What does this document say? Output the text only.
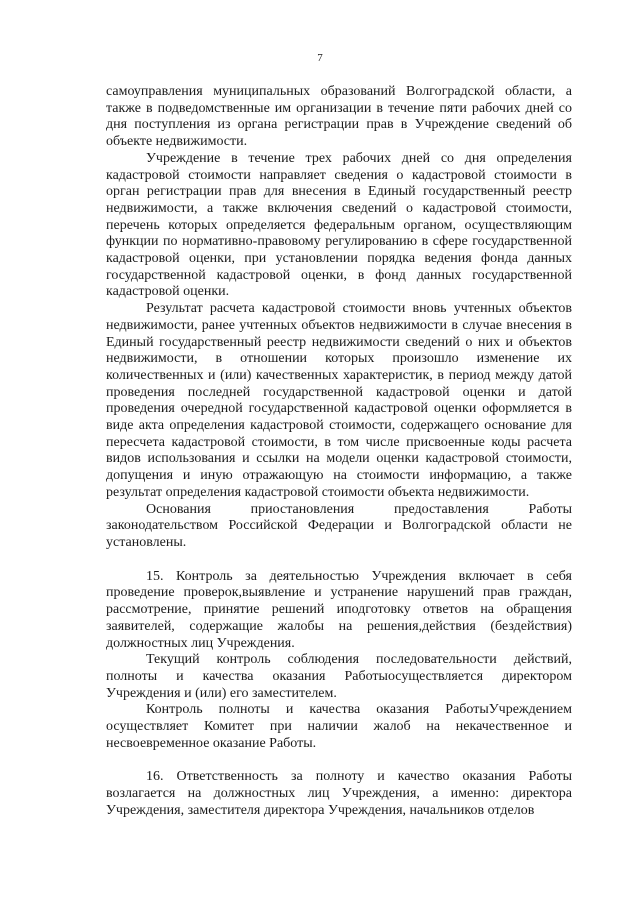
7

самоуправления муниципальных образований Волгоградской области, а также в подведомственные им организации в течение пяти рабочих дней со дня поступления из органа регистрации прав в Учреждение сведений об объекте недвижимости.

Учреждение в течение трех рабочих дней со дня определения кадастровой стоимости направляет сведения о кадастровой стоимости в орган регистрации прав для внесения в Единый государственный реестр недвижимости, а также включения сведений о кадастровой стоимости, перечень которых определяется федеральным органом, осуществляющим функции по нормативно-правовому регулированию в сфере государственной кадастровой оценки, при установлении порядка ведения фонда данных государственной кадастровой оценки, в фонд данных государственной кадастровой оценки.

Результат расчета кадастровой стоимости вновь учтенных объектов недвижимости, ранее учтенных объектов недвижимости в случае внесения в Единый государственный реестр недвижимости сведений о них и объектов недвижимости, в отношении которых произошло изменение их количественных и (или) качественных характеристик, в период между датой проведения последней государственной кадастровой оценки и датой проведения очередной государственной кадастровой оценки оформляется в виде акта определения кадастровой стоимости, содержащего основание для пересчета кадастровой стоимости, в том числе присвоенные коды расчета видов использования и ссылки на модели оценки кадастровой стоимости, допущения и иную отражающую на стоимости информацию, а также результат определения кадастровой стоимости объекта недвижимости.

Основания приостановления предоставления Работы законодательством Российской Федерации и Волгоградской области не установлены.

15. Контроль за деятельностью Учреждения включает в себя проведение проверок,выявление и устранение нарушений прав граждан, рассмотрение, принятие решений иподготовку ответов на обращения заявителей, содержащие жалобы на решения,действия (бездействия) должностных лиц Учреждения.

Текущий контроль соблюдения последовательности действий, полноты и качества оказания Работыосуществляется директором Учреждения и (или) его заместителем.

Контроль полноты и качества оказания РаботыУчреждением осуществляет Комитет при наличии жалоб на некачественное и несвоевременное оказание Работы.

16. Ответственность за полноту и качество оказания Работы возлагается на должностных лиц Учреждения, а именно: директора Учреждения, заместителя директора Учреждения, начальников отделов
